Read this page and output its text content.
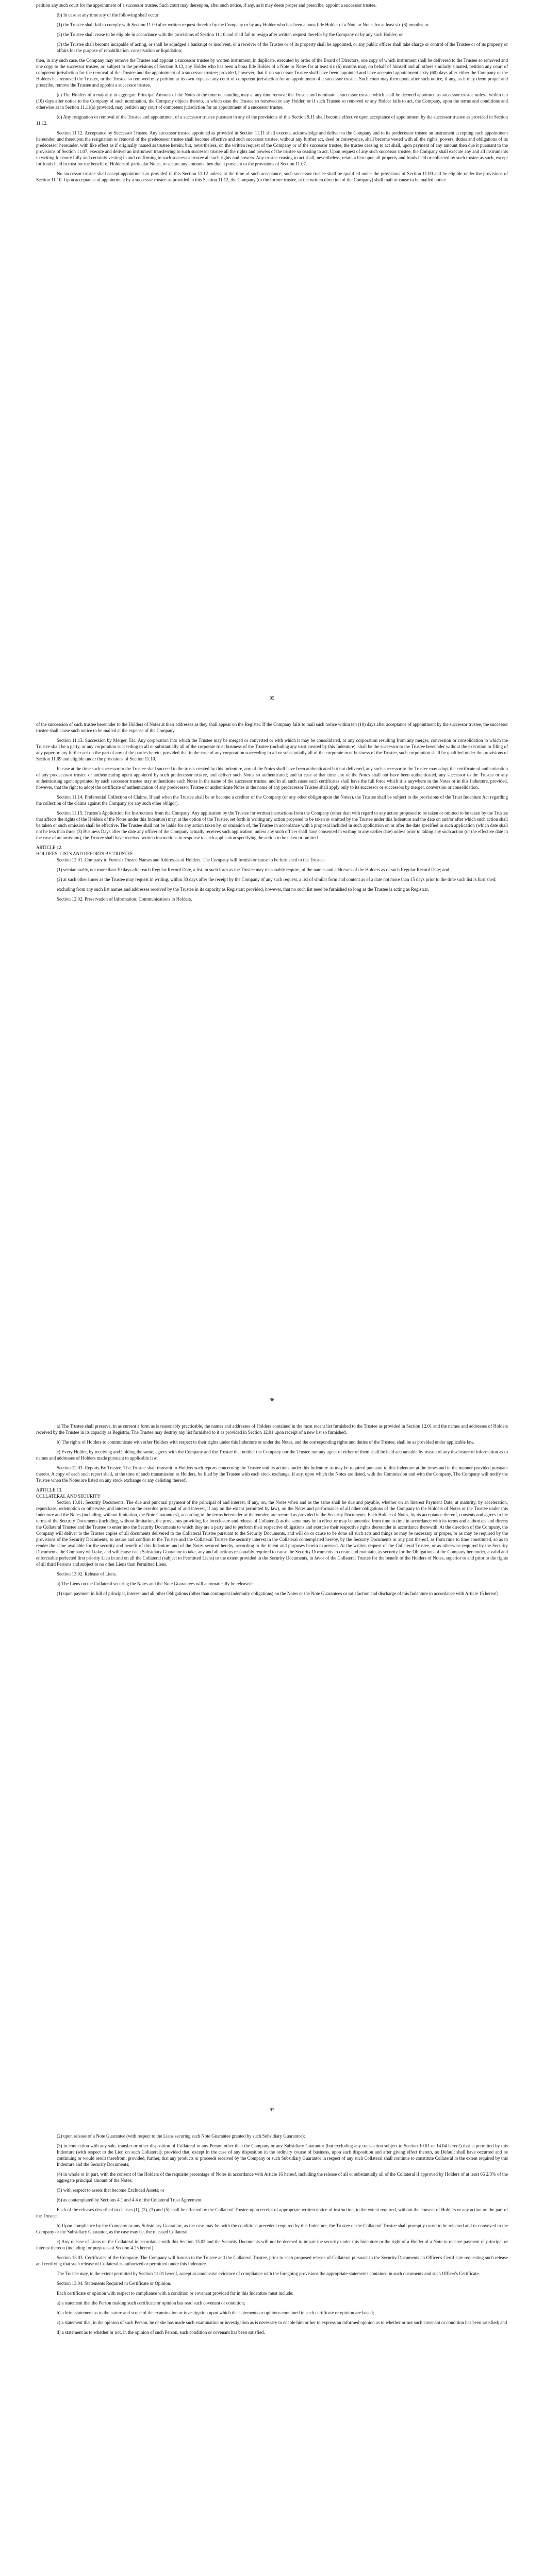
petition any such court for the appointment of a successor trustee. Such court may thereupon, after such notice, if any, as it may deem proper and prescribe, appoint a successor trustee.

(b) In case at any time any of the following shall occur:

(1) the Trustee shall fail to comply with Section 11.09 after written request therefor by the Company or by any Holder who has been a bona fide Holder of a Note or Notes for at least six (6) months; or

(2) the Trustee shall cease to be eligible in accordance with the provisions of Section 11.10 and shall fail to resign after written request therefor by the Company or by any such Holder; or

(3) the Trustee shall become incapable of acting, or shall be adjudged a bankrupt or insolvent, or a receiver of the Trustee or of its property shall be appointed, or any public officer shall take charge or control of the Trustee or of its property or affairs for the purpose of rehabilitation, conservation or liquidation;

then, in any such case, the Company may remove the Trustee and appoint a successor trustee by written instrument, in duplicate, executed by order of the Board of Directors, one copy of which instrument shall be delivered to the Trustee so removed and one copy to the successor trustee, or, subject to the provisions of Section 9.13, any Holder who has been a bona fide Holder of a Note or Notes for at least six (6) months may, on behalf of himself and all others similarly situated, petition any court of competent jurisdiction for the removal of the Trustee and the appointment of a successor trustee; provided, however, that if no successor Trustee shall have been appointed and have accepted appointment sixty (60) days after either the Company or the Holders has removed the Trustee, or the Trustee so removed may petition at its own expense any court of competent jurisdiction for an appointment of a successor trustee. Such court may thereupon, after such notice, if any, as it may deem proper and prescribe, remove the Trustee and appoint a successor trustee.

(c) The Holders of a majority in aggregate Principal Amount of the Notes at the time outstanding may at any time remove the Trustee and nominate a successor trustee which shall be deemed appointed as successor trustee unless, within ten (10) days after notice to the Company of such nomination, the Company objects thereto, in which case the Trustee so removed or any Holder, or if such Trustee so removed or any Holder fails to act, the Company, upon the terms and conditions and otherwise as in Section 11.11(a) provided, may petition any court of competent jurisdiction for an appointment of a successor trustee.

(d) Any resignation or removal of the Trustee and appointment of a successor trustee pursuant to any of the provisions of this Section 9.11 shall become effective upon acceptance of appointment by the successor trustee as provided in Section 11.12.

Section 11.12. Acceptance by Successor Trustee. Any successor trustee appointed as provided in Section 11.11 shall execute, acknowledge and deliver to the Company and to its predecessor trustee an instrument accepting such appointment hereunder, and thereupon the resignation or removal of the predecessor trustee shall become effective and such successor trustee, without any further act, deed or conveyance, shall become vested with all the rights, powers, duties and obligations of its predecessor hereunder, with like effect as if originally named as trustee herein; but, nevertheless, on the written request of the Company or of the successor trustee, the trustee ceasing to act shall, upon payment of any amount then due it pursuant to the provisions of Section 11.07, execute and deliver an instrument transferring to such successor trustee all the rights and powers of the trustee so ceasing to act. Upon request of any such successor trustee, the Company shall execute any and all instruments in writing for more fully and certainly vesting in and confirming to such successor trustee all such rights and powers. Any trustee ceasing to act shall, nevertheless, retain a lien upon all property and funds held or collected by such trustee as such, except for funds held in trust for the benefit of Holders of particular Notes, to secure any amounts then due it pursuant to the provisions of Section 11.07.

No successor trustee shall accept appointment as provided in this Section 11.12 unless, at the time of such acceptance, such successor trustee shall be qualified under the provisions of Section 11.09 and be eligible under the provisions of Section 11.10. Upon acceptance of appointment by a successor trustee as provided in this Section 11.12, the Company (or the former trustee, at the written direction of the Company) shall mail or cause to be mailed notice

95

of the succession of such trustee hereunder to the Holders of Notes at their addresses as they shall appear on the Register. If the Company fails to mail such notice within ten (10) days after acceptance of appointment by the successor trustee, the successor trustee shall cause such notice to be mailed at the expense of the Company.

Section 11.13. Succession by Merger, Etc. Any corporation into which the Trustee may be merged or converted or with which it may be consolidated, or any corporation resulting from any merger, conversion or consolidation to which the Trustee shall be a party, or any corporation succeeding to all or substantially all of the corporate trust business of the Trustee (including any trust created by this Indenture), shall be the successor to the Trustee hereunder without the execution or filing of any paper or any further act on the part of any of the parties hereto, provided that in the case of any corporation succeeding to all or substantially all of the corporate trust business of the Trustee, such corporation shall be qualified under the provisions of Section 11.09 and eligible under the provisions of Section 11.10.

In case at the time such successor to the Trustee shall succeed to the trusts created by this Indenture, any of the Notes shall have been authenticated but not delivered, any such successor to the Trustee may adopt the certificate of authentication of any predecessor trustee or authenticating agent appointed by such predecessor trustee, and deliver such Notes so authenticated; and in case at that time any of the Notes shall not have been authenticated, any successor to the Trustee or any authenticating agent appointed by such successor trustee may authenticate such Notes in the name of the successor trustee; and in all such cases such certificates shall have the full force which it is anywhere in the Notes or in this Indenture, provided, however, that the right to adopt the certificate of authentication of any predecessor Trustee or authenticate Notes in the name of any predecessor Trustee shall apply only to its successor or successors by merger, conversion or consolidation.

Section 11.14. Preferential Collection of Claims. If and when the Trustee shall be or become a creditor of the Company (or any other obligor upon the Notes), the Trustee shall be subject to the provisions of the Trust Indenture Act regarding the collection of the claims against the Company (or any such other obligor).

Section 11.15. Trustee's Application for Instructions from the Company. Any application by the Trustee for written instructions from the Company (other than with regard to any action proposed to be taken or omitted to be taken by the Trustee that affects the rights of the Holders of the Notes under this Indenture) may, at the option of the Trustee, set forth in writing any action proposed to be taken or omitted by the Trustee under this Indenture and the date on and/or after which such action shall be taken or such omission shall be effective. The Trustee shall not be liable for any action taken by, or omission of, the Trustee in accordance with a proposal included in such application on or after the date specified in such application (which date shall not be less than three (3) Business Days after the date any officer of the Company actually receives such application, unless any such officer shall have consented in writing to any earlier date) unless prior to taking any such action (or the effective date in the case of an omission), the Trustee shall have received written instructions in response to such application specifying the action to be taken or omitted.

ARTICLE 12.

HOLDERS' LISTS AND REPORTS BY TRUSTEE

Section 12.01. Company to Furnish Trustee Names and Addresses of Holders. The Company will furnish or cause to be furnished to the Trustee:

(1) semiannually, not more than 10 days after each Regular Record Date, a list, in such form as the Trustee may reasonably require, of the names and addresses of the Holders as of such Regular Record Date; and

(2) at such other times as the Trustee may request in writing, within 30 days after the receipt by the Company of any such request, a list of similar form and content as of a date not more than 15 days prior to the time such list is furnished;

excluding from any such list names and addresses received by the Trustee in its capacity as Registrar; provided, however, that no such list need be furnished so long as the Trustee is acting as Registrar.

Section 12.02. Preservation of Information; Communications to Holders.

96

a) The Trustee shall preserve, in as current a form as is reasonably practicable, the names and addresses of Holders contained in the most recent list furnished to the Trustee as provided in Section 12.01 and the names and addresses of Holders received by the Trustee in its capacity as Registrar. The Trustee may destroy any list furnished to it as provided in Section 12.01 upon receipt of a new list so furnished.

b) The rights of Holders to communicate with other Holders with respect to their rights under this Indenture or under the Notes, and the corresponding rights and duties of the Trustee, shall be as provided under applicable law.

c) Every Holder, by receiving and holding the same, agrees with the Company and the Trustee that neither the Company nor the Trustee nor any agent of either of them shall be held accountable by reason of any disclosure of information as to names and addresses of Holders made pursuant to applicable law.

Section 12.03. Reports By Trustee. The Trustee shall transmit to Holders such reports concerning the Trustee and its actions under this Indenture as may be required pursuant to this Indenture at the times and in the manner provided pursuant thereto. A copy of each such report shall, at the time of such transmission to Holders, be filed by the Trustee with each stock exchange, if any, upon which the Notes are listed, with the Commission and with the Company. The Company will notify the Trustee when the Notes are listed on any stock exchange or any delisting thereof.

ARTICLE 13.

COLLATERAL AND SECURITY

Section 13.01. Security Documents. The due and punctual payment of the principal of and interest, if any, on, the Notes when and as the same shall be due and payable, whether on an Interest Payment Date, at maturity, by acceleration, repurchase, redemption or otherwise, and interest on the overdue principal of and interest, if any on the extent permitted by law), on the Notes and performance of all other obligations of the Company to the Holders of Notes or the Trustee under this Indenture and the Notes (including, without limitation, the Note Guarantees), according to the terms hereunder or thereunder, are secured as provided in the Security Documents. Each Holder of Notes, by its acceptance thereof, consents and agrees to the terms of the Security Documents (including, without limitation, the provisions providing for foreclosure and release of Collateral) as the same may be in effect or may be amended from time to time in accordance with its terms and authorizes and directs the Collateral Trustee and the Trustee to enter into the Security Documents to which they are a party and to perform their respective obligations and exercise their respective rights thereunder in accordance therewith. At the direction of the Company, the Company will deliver to the Trustee copies of all documents delivered to the Collateral Trustee pursuant to the Security Documents, and will do or cause to be done all such acts and things as may be necessary or proper, or as may be required by the provisions of the Security Documents, to assure and confirm to the Trustee and the Collateral Trustee the security interest in the Collateral contemplated hereby, by the Security Documents or any part thereof, as from time to time constituted, so as to render the same available for the security and benefit of this Indenture and of the Notes secured hereby, according to the intent and purposes herein expressed. At the written request of the Collateral Trustee, or as otherwise required by the Security Documents, the Company will take, and will cause each Subsidiary Guarantor to take, any and all actions reasonably required to cause the Security Documents to create and maintain, as security for the Obligations of the Company hereunder, a valid and enforceable perfected first priority Lien in and on all the Collateral (subject to Permitted Liens) to the extent provided in the Security Documents, in favor of the Collateral Trustee for the benefit of the Holders of Notes, superior to and prior to the rights of all third Persons and subject to no other Liens than Permitted Liens.

Section 13.02. Release of Liens.

a) The Liens on the Collateral securing the Notes and the Note Guarantees will automatically be released:

(1) upon payment in full of principal, interest and all other Obligations (other than contingent indemnity obligations) on the Notes or the Note Guarantees or satisfaction and discharge of this Indenture in accordance with Article 15 hereof;

97

(2) upon release of a Note Guarantee (with respect to the Liens securing such Note Guarantee granted by such Subsidiary Guarantor);

(3) in connection with any sale, transfer or other disposition of Collateral to any Person other than the Company or any Subsidiary Guarantor (but excluding any transaction subject to Section 10.01 or 14.04 hereof) that is permitted by this Indenture (with respect to the Lien on such Collateral); provided that, except in the case of any disposition in the ordinary course of business, upon such disposition and after giving effect thereto, no Default shall have occurred and be continuing or would result therefrom; provided, further, that any products or proceeds received by the Company or such Subsidiary Guarantor in respect of any such Collateral shall continue to constitute Collateral to the extent required by this Indenture and the Security Documents;

(4) in whole or in part, with the consent of the Holders of the requisite percentage of Notes in accordance with Article 16 hereof, including the release of all or substantially all of the Collateral if approved by Holders of at least 66 2/3% of the aggregate principal amount of the Notes;

(5) with respect to assets that become Excluded Assets; or

(6) as contemplated by Sections 4.1 and 4.4 of the Collateral Trust Agreement.

Each of the releases described in clauses (1), (2), (3) and (5) shall be effected by the Collateral Trustee upon receipt of appropriate written notice of instruction, to the extent required, without the consent of Holders or any action on the part of the Trustee.

b) Upon compliance by the Company or any Subsidiary Guarantor, as the case may be, with the conditions precedent required by this Indenture, the Trustee or the Collateral Trustee shall promptly cause to be released and re-conveyed to the Company or the Subsidiary Guarantor, as the case may be, the released Collateral.

c) Any release of Liens on the Collateral in accordance with this Section 13.02 and the Security Documents will not be deemed to impair the security under this Indenture or the right of a Holder of a Note to receive payment of principal or interest thereon (including for purposes of Section 4.25 hereof).

Section 13.03. Certificates of the Company. The Company will furnish to the Trustee and the Collateral Trustee, prior to each proposed release of Collateral pursuant to the Security Documents an Officer's Certificate requesting such release and certifying that such release of Collateral is authorized or permitted under this Indenture.

The Trustee may, to the extent permitted by Section 11.01 hereof, accept as conclusive evidence of compliance with the foregoing provisions the appropriate statements contained in such documents and such Officer's Certificate.

Section 13.04. Statements Required in Certificate or Opinion.

Each certificate or opinion with respect to compliance with a condition or covenant provided for in this Indenture must include:

a) a statement that the Person making such certificate or opinion has read such covenant or condition;

b) a brief statement as to the nature and scope of the examination or investigation upon which the statements or opinions contained in such certificate or opinion are based;

c) a statement that, in the opinion of such Person, he or she has made such examination or investigation as is necessary to enable him or her to express an informed opinion as to whether or not such covenant or condition has been satisfied; and

d) a statement as to whether or not, in the opinion of such Person, such condition or covenant has been satisfied.
